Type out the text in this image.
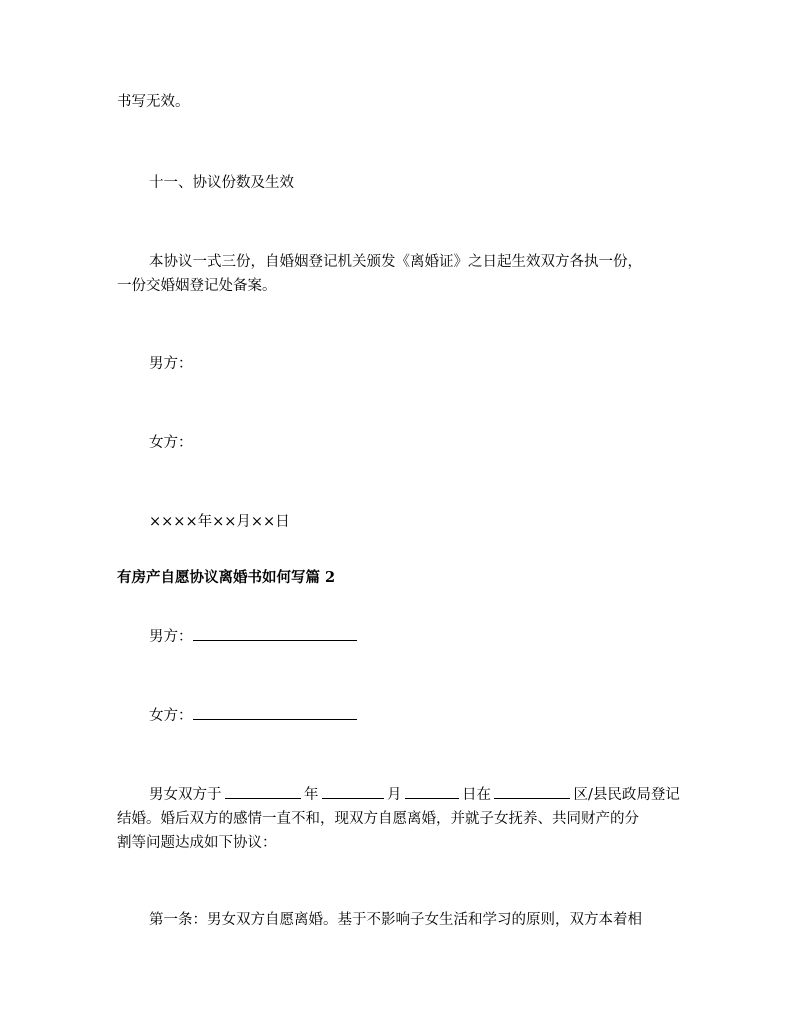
书写无效。
十一、协议份数及生效
本协议一式三份，自婚姻登记机关颁发《离婚证》之日起生效双方各执一份，
一份交婚姻登记处备案。
男方：
女方：
××××年××月××日
有房产自愿协议离婚书如何写篇 2
男方：
女方：
男女双方于	年	月	日在	区/县民政局登记
结婚。婚后双方的感情一直不和，现双方自愿离婚，并就子女抚养、共同财产的分
割等问题达成如下协议：
第一条：男女双方自愿离婚。基于不影响子女生活和学习的原则，双方本着相
